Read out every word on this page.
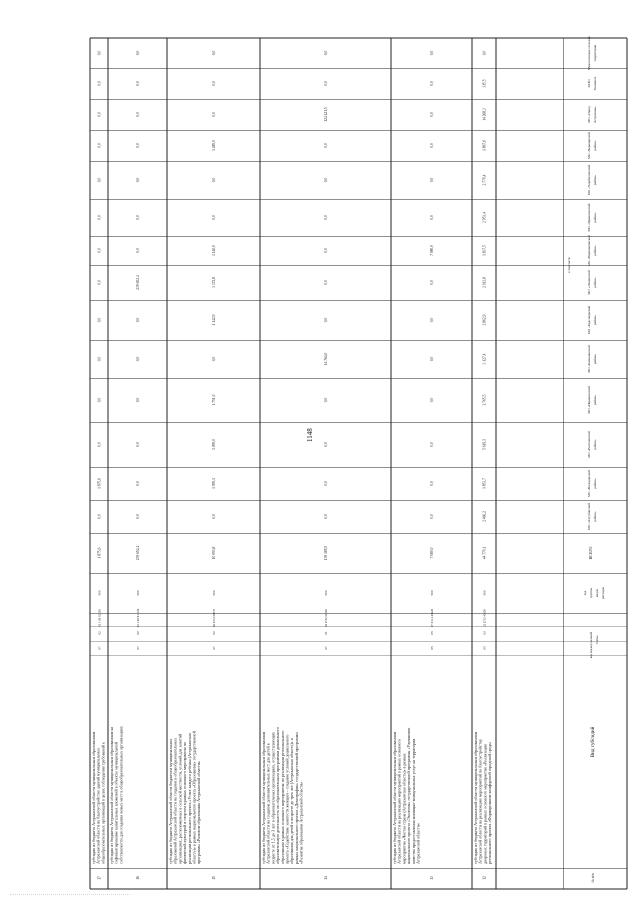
1148
МО «Ахтубинский район»
МО «Володарский район»
МО «Енотаевский район»
МО «Икрянинский район»
МО «Камызякский район»
МО «Красноярский район»
МО «Лиманский район»
МО «Наримановский район»
МО «Приволжский район»
МО «Харабалинский район»
МО «Черноярский район»
МО «Город Астрахань»
ЗАТО Знаменск
Межселенные сельские территории
в том числе
ВСЕГО
код группы видов расходов
код целевой статьи
код под-
Вид субсидий
№ п/п
0,0
1 875,6
0,0
0,0
0,0
0,0
0,0
0,0
0,0
0,0
0,0
0,0
0,0
0,0
1 875,6
500
02 1 00 S2250
02
07
17
субсидия из бюджета Астраханской области муниципальным образованиям Астраханской области на благоустройство зданий муниципальных общеобразовательных организаций в целях соблюдения требований к
0,0
0,0
0,0
0,0
0,0
0,0
239 652,4
0,0
0,0
0,0
0,0
0,0
0,0
0,0
239 652,4
500
02 1 00 R1 120
02
07
16
субсидия из бюджета Астраханской области муниципальным образованиям на софинансирование капитальных вложений в объекты муниципальной собственности для создания новых мест в общеобразовательных организациях
0,0
1 095,1
1 095,0
1 751,0
0,0
1 142,9
3 372,8
1 140,0
0,0
0,0
1 485,0
0,0
0,0
0,0
10 093,8
500
02 Z E2 50970
02
07
15
субсидия из бюджета Астраханской области бюджетам муниципальных образований Астраханской области на создание в общеобразовательных организациях, расположенных в сельской местности, условий для занятий физической культурой и спортом в рамках основного мероприятия по реализации регионального проекта «Успех каждого ребенка (Астраханская область)» в рамках национального проекта «Образование» государственной программы «Развитие образования Астраханской области»
0,0
0,0
0,0
0,0
14 764,0
0,0
0,0
0,0
0,0
0,0
0,0
124 421,5
0,0
0,0
139 185,5
500
02 Z P2 52320
01
07
14
субсидия из бюджета Астраханской области муниципальным образованиям Астраханской области на создание дополнительных мест для детей в возрасте от 1,5 до 3 лет в образовательных организациях, осуществляющих образовательную деятельность по образовательным программам дошкольного образования в рамках основного мероприятия по реализации регионального проекта «Содействие занятости женщин – создание условий дошкольного образования для детей в возрасте до трех лет (Астраханская область)» в рамках национального проекта «Демография» государственной программы «Развитие образования Астраханской области»
0,0
0,0
0,0
0,0
0,0
0,0
0,0
7 080,0
0,0
0,0
0,0
0,0
0,0
0,0
7 080,0
500
07 Z G1 45220
05
05
13
субсидия из бюджета Астраханской области муниципальным образованиям Астраханской области на реализацию мероприятий в рамках основного мероприятия «Чистая страна (Астраханская область)» в рамках национального проекта «Экология» государственной программы «Улучшение качества предоставления жилищно-коммунальных услуг на территории Астраханской области»
2 466,2
1 853,7
5 619,1
2 765,5
3 127,4
2 862,9
2 013,8
1 837,5
2 953,4
2 779,4
1 867,6
14 268,3
315,5
0,0
44 770,1
500
32 Z F2 45550
03
05
12
субсидия из бюджета Астраханской области муниципальным образованиям Астраханской области на реализацию мероприятий по благоустройству дворовых территорий в рамках основного мероприятия «Реализация регионального проекта «Формирование комфортной городской среды
